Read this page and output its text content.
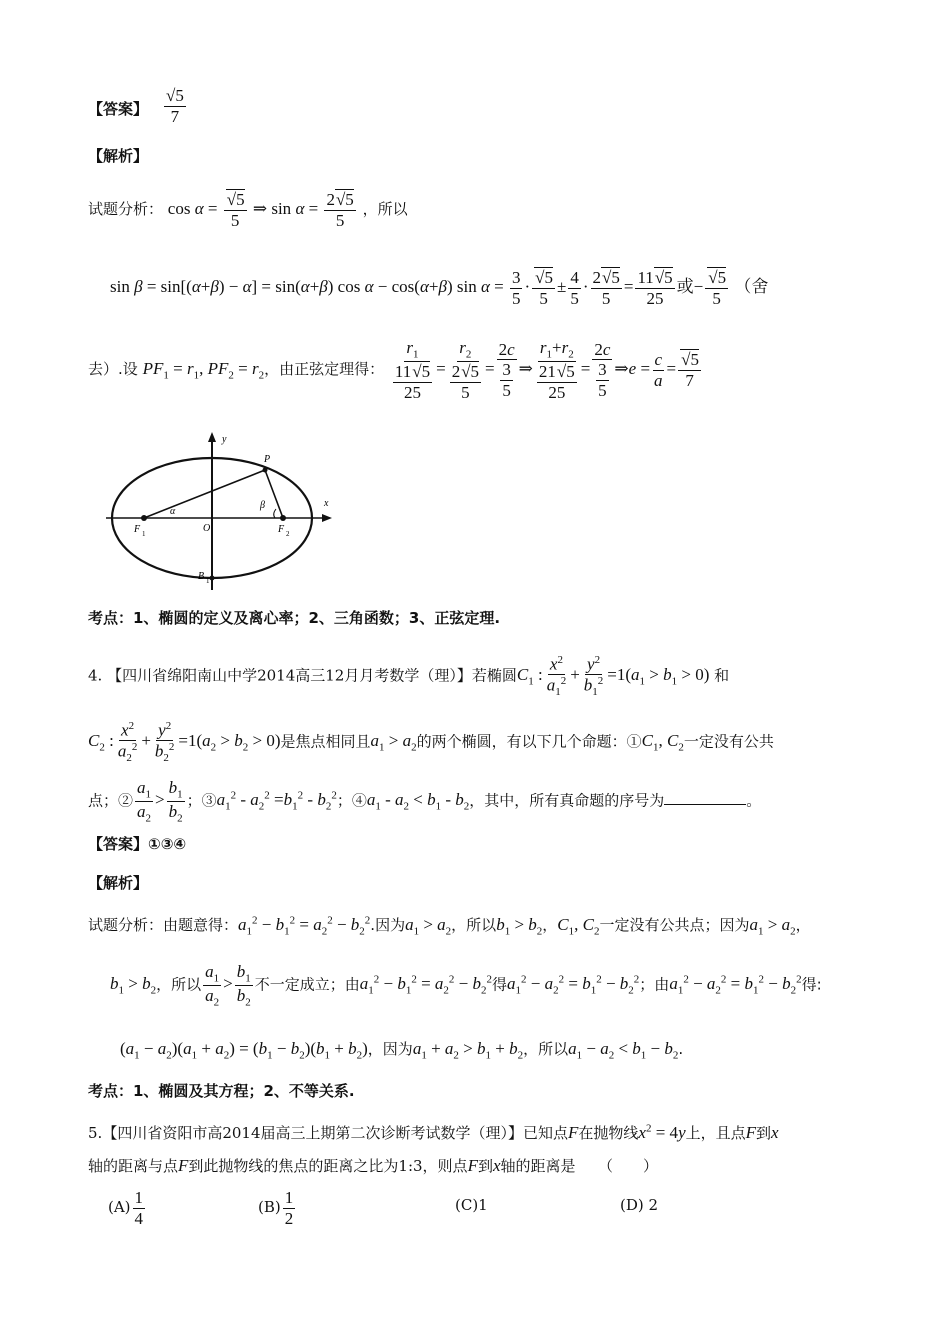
【答案】 $\frac{√5}{7}$
【解析】
试题分析： $\cos \alpha = \frac{√5}{5}$ ⇒ $\sin \alpha = \frac{2√5}{5}$ ，所以
sin β = sin[(α+β) − α] = sin(α+β) cos α − cos(α+β) $\sin \alpha = \frac{3}{5} \cdot \frac{√5}{5} \pm \frac{4}{5} \cdot \frac{2√5}{5} = \frac{11√5}{25}$ 或− $\frac{√5}{5}$ （舍
去）.设 $PF_1 = r_1$, $PF_2 = r_2$，由正弦定理得： $\frac{r_1}{\frac{11√5}{25}} = \frac{r_2}{\frac{2√5}{5}} = \frac{2c}{\frac{3}{5}}$ ⇒ $\frac{r_1+r_2}{\frac{21√5}{25}} = \frac{2c}{\frac{3}{5}}$ ⇒e = $\frac{c}{a} = \frac{√5}{7}$
y
x
P
O
F 1	F 2
B 1
α
β
考点：1、椭圆的定义及离心率；2、三角函数；3、正弦定理.
4. 【四川省绵阳南山中学2014高三12月月考数学（理）】若椭圆$C_1$ : $\frac{x^2}{a_1^2} + \frac{y^2}{b_1^2} =1(a_1 > b_1 > 0)$ 和
$C_2$ : $\frac{x^2}{a_2^2} + \frac{y^2}{b_2^2} =1(a_2 > b_2 > 0)$是焦点相同且$a_1 > a_2$的两个椭圆，有以下几个命题：$①C_1$, $C_2$一定没有公共
点；② $\frac{a_1}{a_2} > \frac{b_1}{b_2}$ ；$③a_1^2 - a_2^2 =b_1^2 - b_2^2$；$④a_1 - a_2 < b_1 - b_2$，其中，所有真命题的序号为	。
【答案】①③④
【解析】
试题分析：由题意得：$a_1^2 - b_1^2 = a_2^2 - b_2^2$.因为$a_1 > a_2$，所以$b_1 > b_2$，$C_1$, $C_2$一定没有公共点；因为$a_1 > a_2$，
$b_1 > b_2$，所以 $\frac{a_1}{a_2} > \frac{b_1}{b_2}$ 不一定成立；由$a_1^2 - b_1^2 = a_2^2 - b_2^2$得$a_1^2 - a_2^2 = b_1^2 - b_2^2$；由$a_1^2 - a_2^2 = b_1^2 - b_2^2$得:
$(a_1 - a_2)(a_1 + a_2) = (b_1 - b_2)(b_1 + b_2)$，因为$a_1 + a_2 > b_1 + b_2$，所以$a_1 - a_2 < b_1 - b_2$.
考点：1、椭圆及其方程；2、不等关系.
5.【四川省资阳市高2014届高三上期第二次诊断考试数学（理）】已知点F在抛物线$x^2 = 4y$上，且点F到x
轴的距离与点F到此抛物线的焦点的距离之比为1:3，则点F到x轴的距离是　　 （　　）
$(A) \frac{1}{4}$	$(B) \frac{1}{2}$	(C)1	(D) 2
